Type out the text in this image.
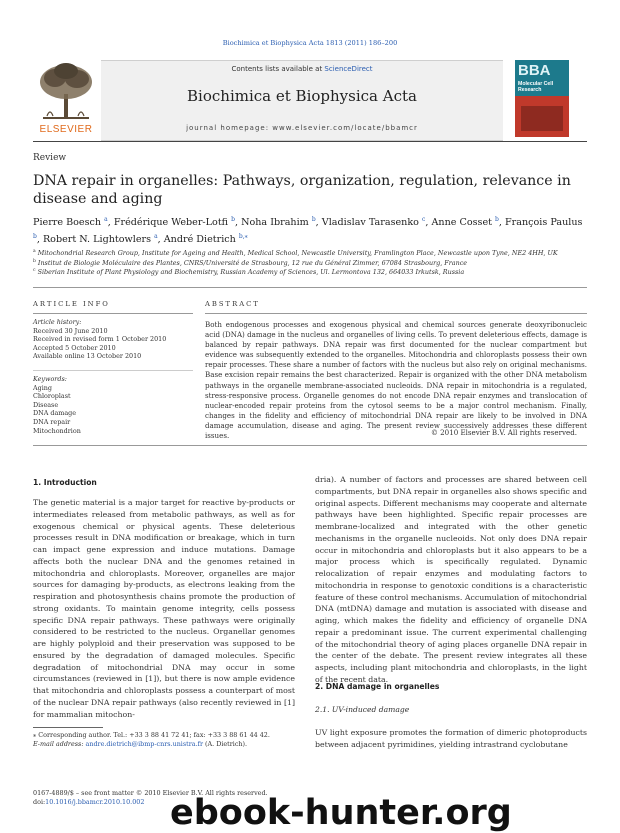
Biochimica et Biophysica Acta 1813 (2011) 186–200
Contents lists available at ScienceDirect
Biochimica et Biophysica Acta
journal homepage: www.elsevier.com/locate/bbamcr
ELSEVIER
BBA
Molecular Cell Research
Review
DNA repair in organelles: Pathways, organization, regulation, relevance in disease and aging
Pierre Boesch $^a$, Frédérique Weber-Lotfi $^b$, Noha Ibrahim $^b$, Vladislav Tarasenko $^c$, Anne Cosset $^b$, François Paulus $^b$, Robert N. Lightowlers $^a$, André Dietrich $^{b,⁎}$
$^a$ Mitochondrial Research Group, Institute for Ageing and Health, Medical School, Newcastle University, Framlington Place, Newcastle upon Tyne, NE2 4HH, UK
$^b$ Institut de Biologie Moléculaire des Plantes, CNRS/Université de Strasbourg, 12 rue du Général Zimmer, 67084 Strasbourg, France
$^c$ Siberian Institute of Plant Physiology and Biochemistry, Russian Academy of Sciences, Ul. Lermontova 132, 664033 Irkutsk, Russia
ARTICLE INFO	ABSTRACT
Article history:
Received 30 June 2010
Received in revised form 1 October 2010
Accepted 5 October 2010
Available online 13 October 2010
Keywords:
Aging
Chloroplast
Disease
DNA damage
DNA repair
Mitochondrion
Both endogenous processes and exogenous physical and chemical sources generate deoxyribonucleic acid (DNA) damage in the nucleus and organelles of living cells. To prevent deleterious effects, damage is balanced by repair pathways. DNA repair was first documented for the nuclear compartment but evidence was subsequently extended to the organelles. Mitochondria and chloroplasts possess their own repair processes. These share a number of factors with the nucleus but also rely on original mechanisms. Base excision repair remains the best characterized. Repair is organized with the other DNA metabolism pathways in the organelle membrane-associated nucleoids. DNA repair in mitochondria is a regulated, stress-responsive process. Organelle genomes do not encode DNA repair enzymes and translocation of nuclear-encoded repair proteins from the cytosol seems to be a major control mechanism. Finally, changes in the fidelity and efficiency of mitochondrial DNA repair are likely to be involved in DNA damage accumulation, disease and aging. The present review successively addresses these different issues.	© 2010 Elsevier B.V. All rights reserved.
1. Introduction
The genetic material is a major target for reactive by-products or intermediates released from metabolic pathways, as well as for exogenous chemical or physical agents. These deleterious processes result in DNA modification or breakage, which in turn can impact gene expression and induce mutations. Damage affects both the nuclear DNA and the genomes retained in mitochondria and chloroplasts. Moreover, organelles are major sources for damaging by-products, as electrons leaking from the respiration and photosynthesis chains promote the production of strong oxidants. To maintain genome integrity, cells possess specific DNA repair pathways. These pathways were originally considered to be restricted to the nucleus. Organellar genomes are highly polyploid and their preservation was supposed to be ensured by the degradation of damaged molecules. Specific degradation of mitochondrial DNA may occur in some circumstances (reviewed in [1]), but there is now ample evidence that mitochondria and chloroplasts possess a counterpart of most of the nuclear DNA repair pathways (also recently reviewed in [1] for mammalian mitochon-
dria). A number of factors and processes are shared between cell compartments, but DNA repair in organelles also shows specific and original aspects. Different mechanisms may cooperate and alternate pathways have been highlighted. Specific repair processes are membrane-localized and integrated with the other genetic mechanisms in the organelle nucleoids. Not only does DNA repair occur in mitochondria and chloroplasts but it also appears to be a major process which is specifically regulated. Dynamic relocalization of repair enzymes and modulating factors to mitochondria in response to genotoxic conditions is a characteristic feature of these control mechanisms. Accumulation of mitochondrial DNA (mtDNA) damage and mutation is associated with disease and aging, which makes the fidelity and efficiency of organelle DNA repair a predominant issue. The current experimental challenging of the mitochondrial theory of aging places organelle DNA repair in the center of the debate. The present review integrates all these aspects, including plant mitochondria and chloroplasts, in the light of the recent data.
2. DNA damage in organelles
2.1. UV-induced damage
UV light exposure promotes the formation of dimeric photoproducts between adjacent pyrimidines, yielding intrastrand cyclobutane
⁎ Corresponding author. Tel.: +33 3 88 41 72 41; fax: +33 3 88 61 44 42.
E-mail address: andre.dietrich@ibmp-cnrs.unistra.fr (A. Dietrich).
0167-4889/$ – see front matter © 2010 Elsevier B.V. All rights reserved.
doi:10.1016/j.bbamcr.2010.10.002 ebook-hunter.org
